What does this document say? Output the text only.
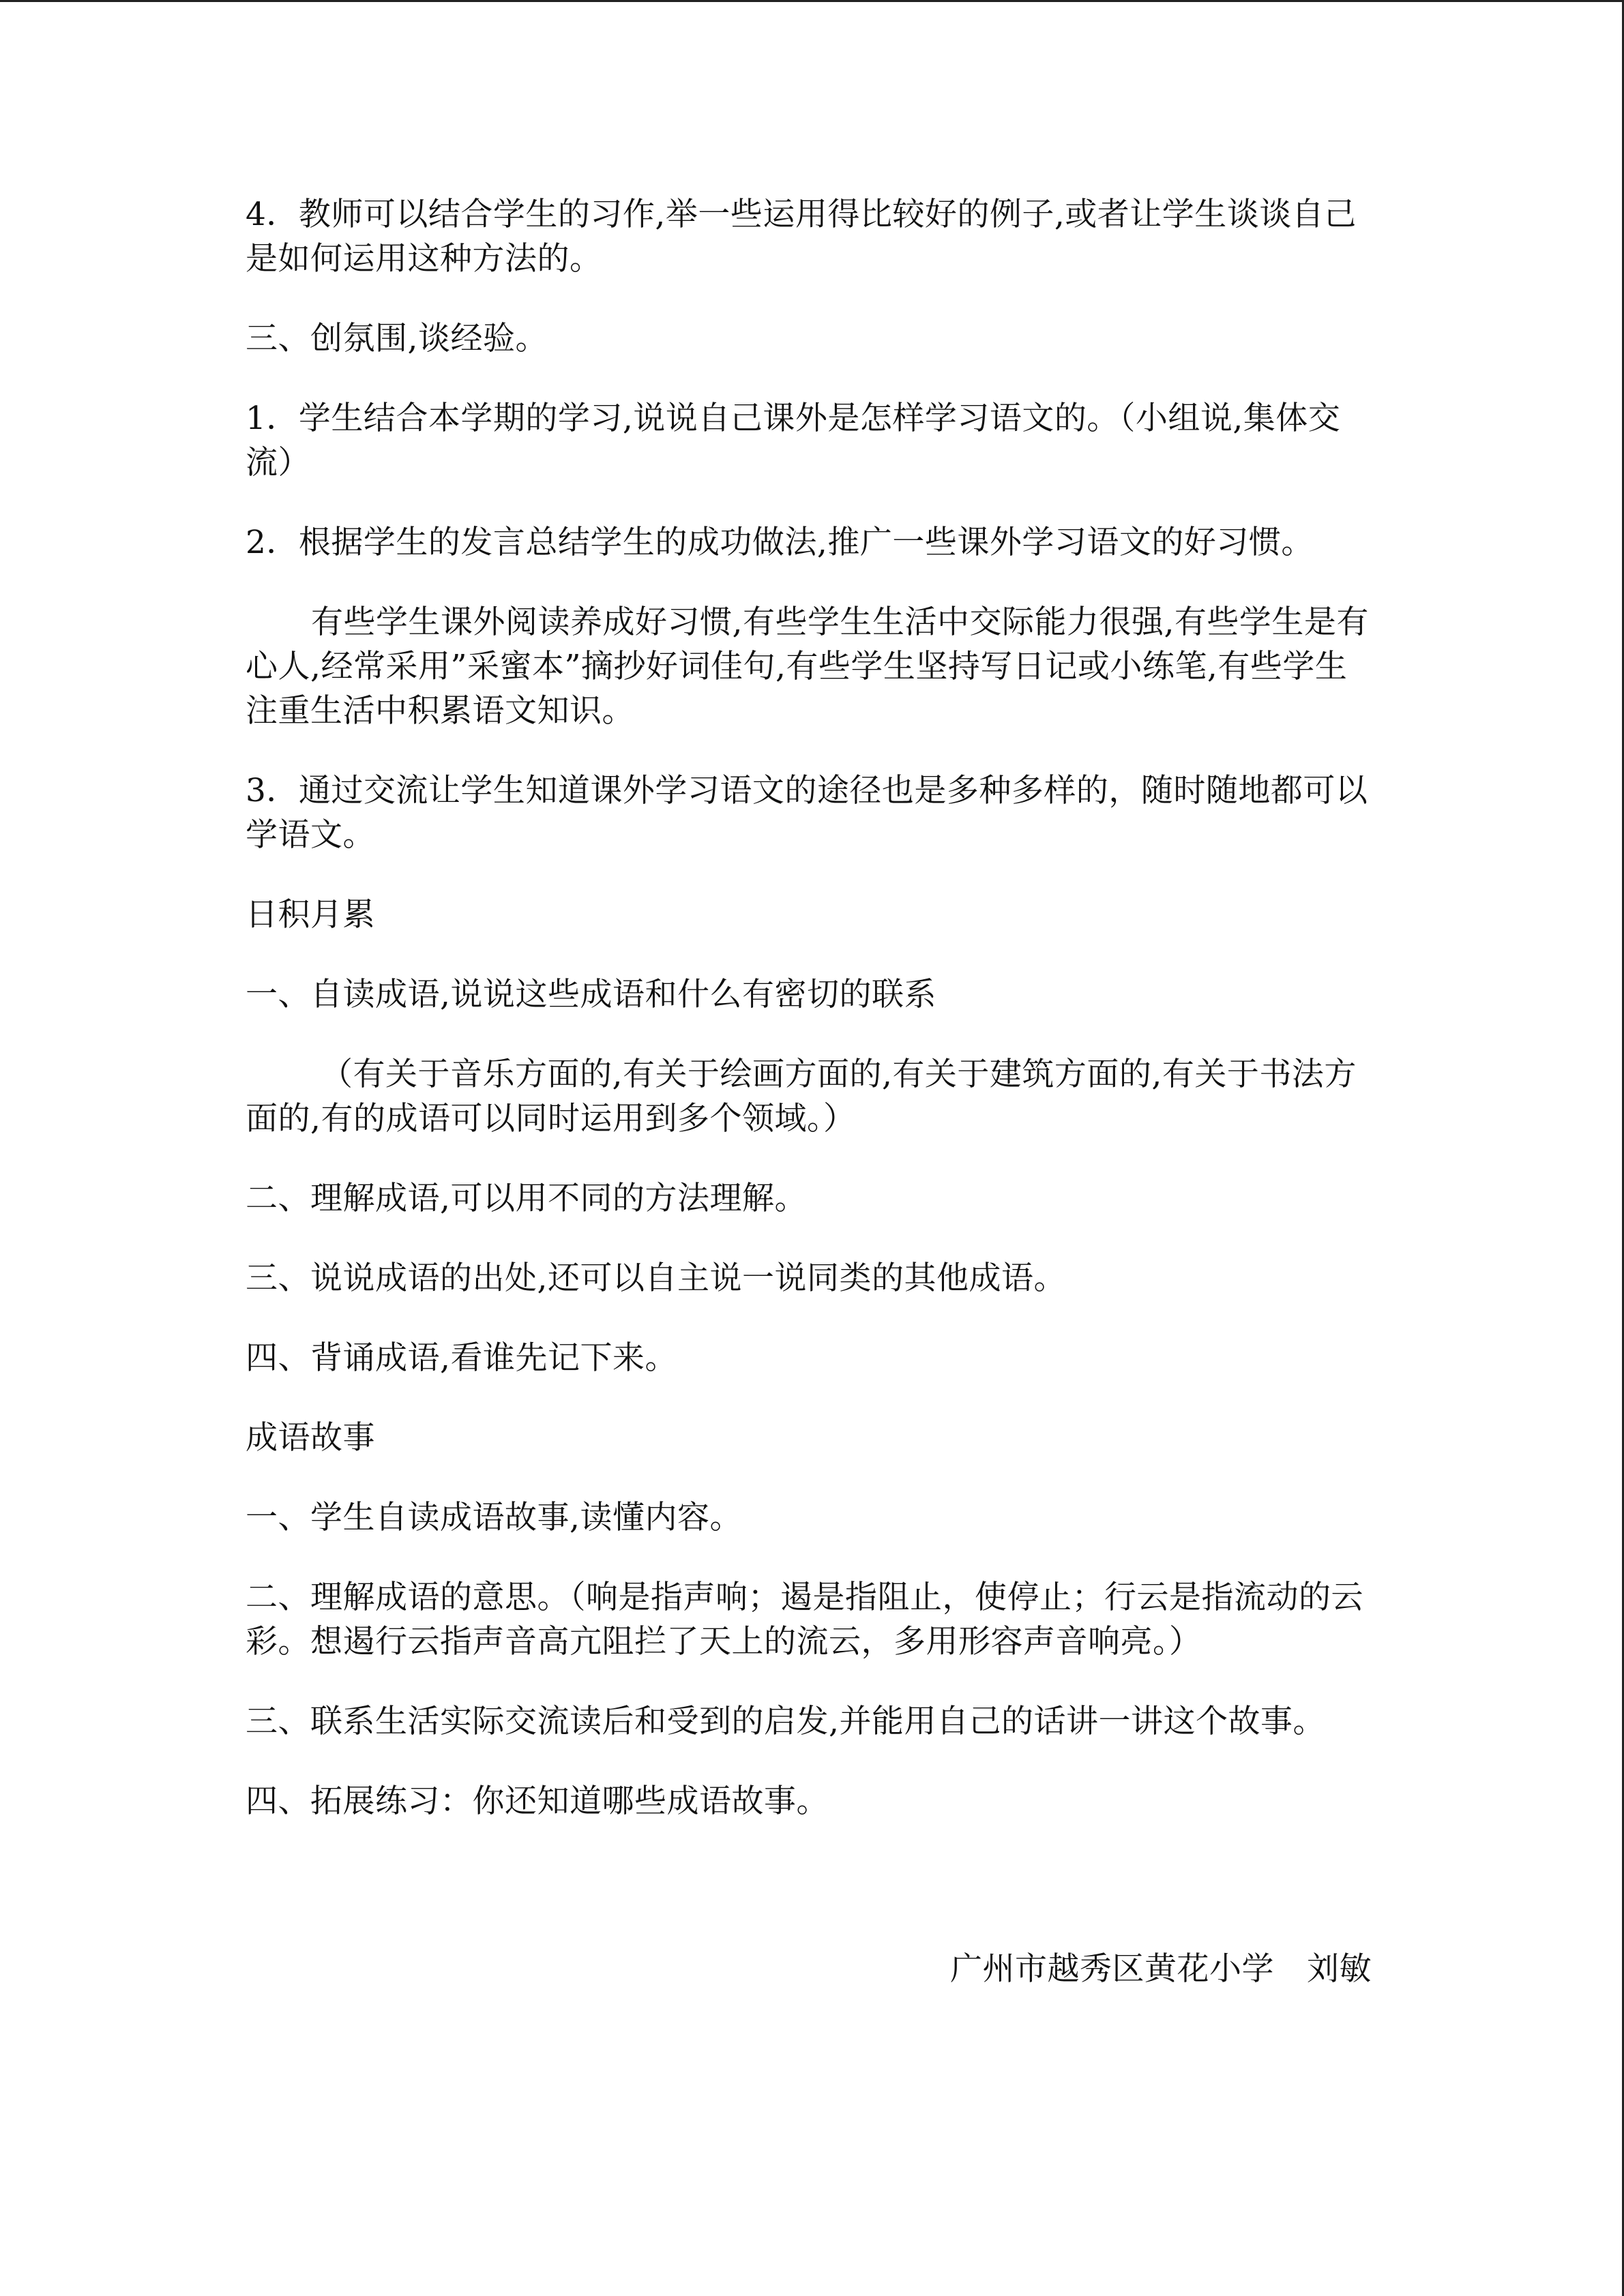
4．教师可以结合学生的习作,举一些运用得比较好的例子,或者让学生谈谈自己是如何运用这种方法的。

三、创氛围,谈经验。

1．学生结合本学期的学习,说说自己课外是怎样学习语文的。（小组说,集体交流）

2．根据学生的发言总结学生的成功做法,推广一些课外学习语文的好习惯。

有些学生课外阅读养成好习惯,有些学生生活中交际能力很强,有些学生是有心人,经常采用”采蜜本”摘抄好词佳句,有些学生坚持写日记或小练笔,有些学生注重生活中积累语文知识。

3．通过交流让学生知道课外学习语文的途径也是多种多样的，随时随地都可以学语文。

日积月累

一、自读成语,说说这些成语和什么有密切的联系

（有关于音乐方面的,有关于绘画方面的,有关于建筑方面的,有关于书法方面的,有的成语可以同时运用到多个领域。）

二、理解成语,可以用不同的方法理解。

三、说说成语的出处,还可以自主说一说同类的其他成语。

四、背诵成语,看谁先记下来。

成语故事

一、学生自读成语故事,读懂内容。

二、理解成语的意思。（响是指声响；遏是指阻止，使停止；行云是指流动的云彩。想遏行云指声音高亢阻拦了天上的流云，多用形容声音响亮。）

三、联系生活实际交流读后和受到的启发,并能用自己的话讲一讲这个故事。

四、拓展练习：你还知道哪些成语故事。

广州市越秀区黄花小学 刘敏
